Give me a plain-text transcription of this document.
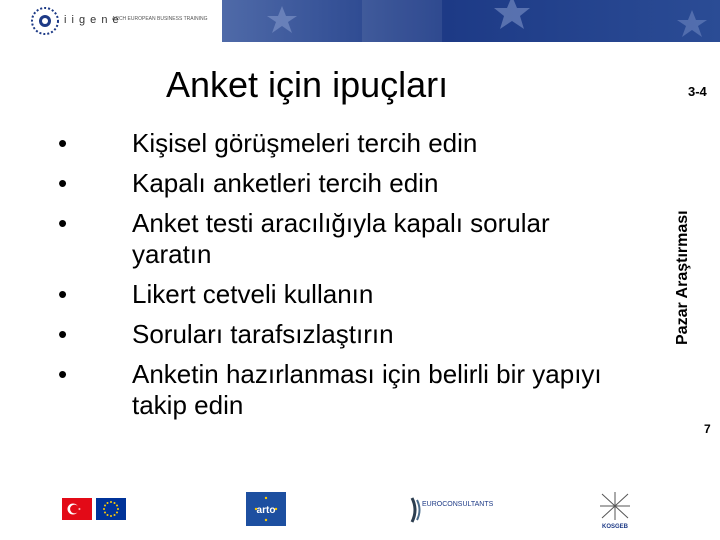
i i g e n e
ARCH EUROPEAN BUSINESS TRAINING
Anket için ipuçları	3-4
Pazar Araştırması
7
• Kişisel görüşmeleri tercih edin
• Kapalı anketleri tercih edin
• Anket testi aracılığıyla kapalı sorular yaratın
• Likert cetveli kullanın
• Soruları tarafsızlaştırın
• Anketin hazırlanması için belirli bir yapıyı takip edin
arto
EUROCONSULTANTS
KOSGEB
